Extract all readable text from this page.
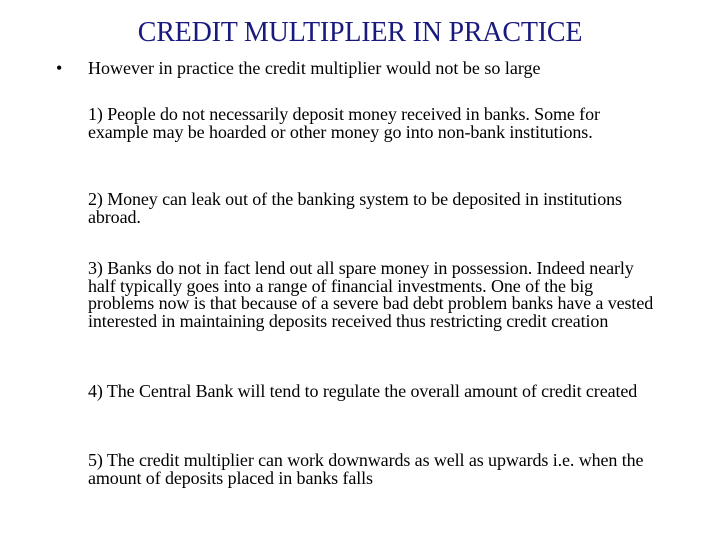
CREDIT MULTIPLIER IN PRACTICE
•	However in practice the credit multiplier would not be so large
1) People do not necessarily deposit money received in banks. Some for example may be hoarded or other money go into non-bank institutions.
2) Money can leak out of the banking system to be deposited in institutions abroad.
3) Banks do not in fact lend out all spare money in possession. Indeed nearly half typically goes into a range of financial investments. One of the big problems now is that because of a severe bad debt problem banks have a vested interested in maintaining deposits received thus restricting credit creation
4) The Central Bank will tend to regulate the overall amount of credit created
5) The credit multiplier can work downwards as well as upwards i.e. when the amount of deposits placed in banks falls
